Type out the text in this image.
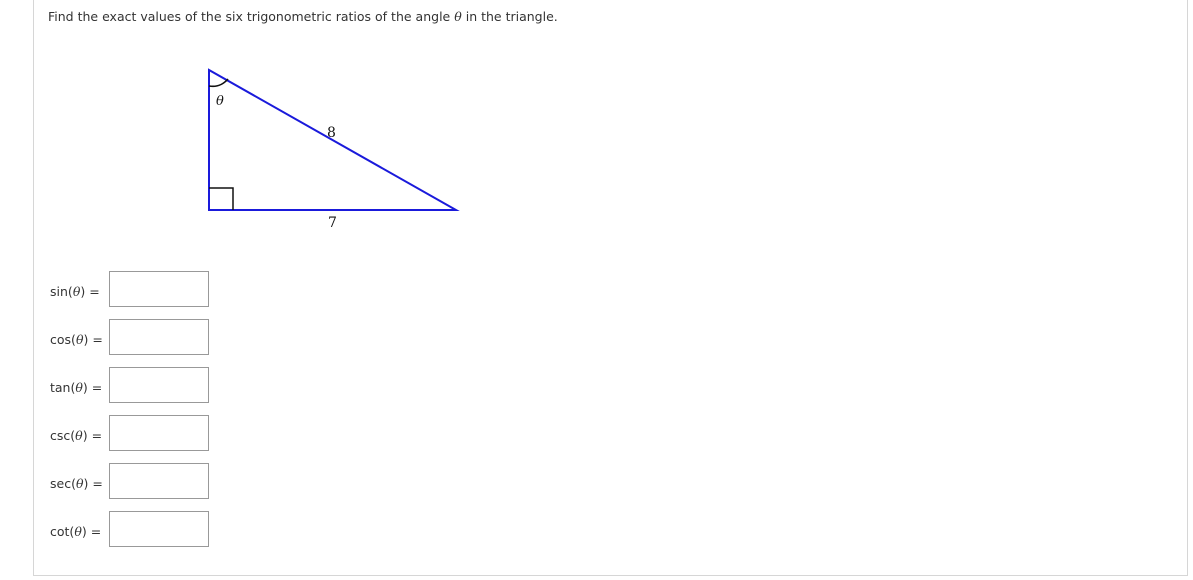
Find the exact values of the six trigonometric ratios of the angle θ in the triangle.
θ
8
7
sin(θ) =
cos(θ) =
tan(θ) =
csc(θ) =
sec(θ) =
cot(θ) =
